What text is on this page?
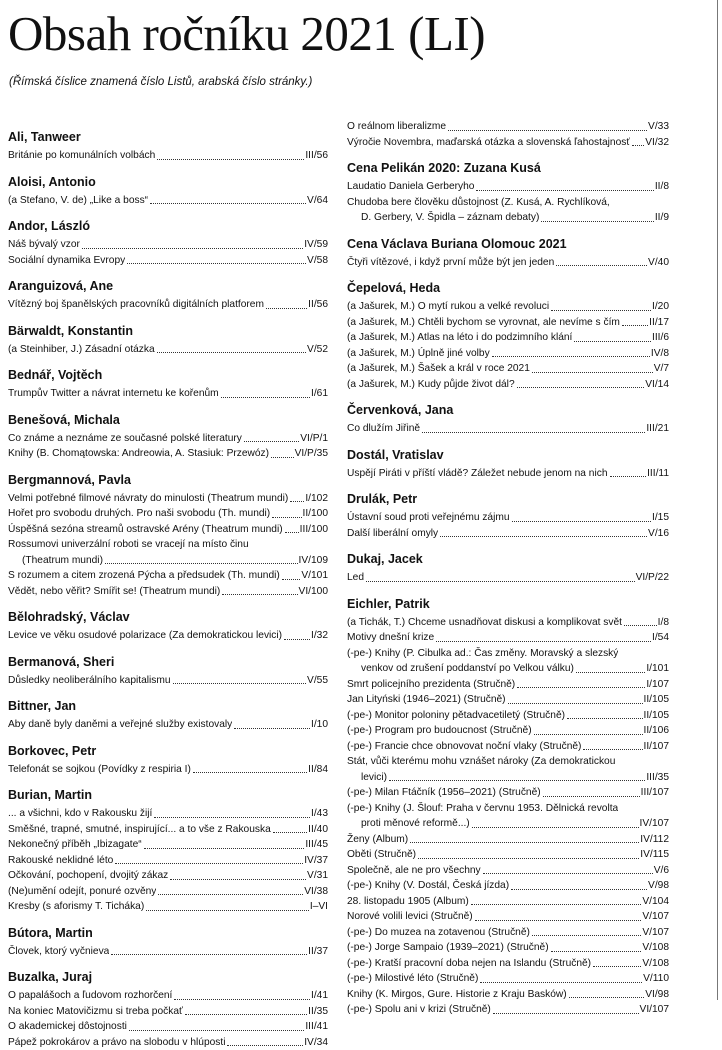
Obsah ročníku 2021 (LI)
(Římská číslice znamená číslo Listů, arabská číslo stránky.)
Ali, Tanweer
Británie po komunálních volbách	III/56
Aloisi, Antonio
(a Stefano, V. de) „Like a boss“	V/64
Andor, László
Náš bývalý vzor	IV/59
Sociální dynamika Evropy	V/58
Aranguizová, Ane
Vítězný boj španělských pracovníků digitálních platforem	II/56
Bärwaldt, Konstantin
(a Steinhiber, J.) Zásadní otázka	V/52
Bednář, Vojtěch
Trumpův Twitter a návrat internetu ke kořenům	I/61
Benešová, Michala
Co známe a neznáme ze současné polské literatury	VI/P/1
Knihy (B. Chomątowska: Andreowia, A. Stasiuk: Przewóz)	VI/P/35
Bergmannová, Pavla
Velmi potřebné filmové návraty do minulosti (Theatrum mundi) I/102
Hořet pro svobodu druhých. Pro naši svobodu (Th. mundi)	II/100
Úspěšná sezóna streamů ostravské Arény (Theatrum mundi) III/100
Rossumovi univerzální roboti se vracejí na místo činu
(Theatrum mundi)	IV/109
S rozumem a citem zrozená Pýcha a předsudek (Th. mundi) V/101
Vědět, nebo věřit? Smířit se! (Theatrum mundi)	VI/100
Bělohradský, Václav
Levice ve věku osudové polarizace (Za demokratickou levici)	I/32
Bermanová, Sheri
Důsledky neoliberálního kapitalismu	V/55
Bittner, Jan
Aby daně byly daněmi a veřejné služby existovaly	I/10
Borkovec, Petr
Telefonát se sojkou (Povídky z respiria I)	II/84
Burian, Martin
... a všichni, kdo v Rakousku žijí	I/43
Směšné, trapné, smutné, inspirující... a to vše z Rakouska	II/40
Nekonečný příběh „Ibizagate“	III/45
Rakouské neklidné léto	IV/37
Očkování, pochopení, dvojitý zákaz	V/31
(Ne)umění odejít, ponuré ozvěny	VI/38
Kresby (s aforismy T. Ticháka)	I–VI
Bútora, Martin
Človek, ktorý vyčnieva	II/37
Buzalka, Juraj
O papalášoch a ľudovom rozhorčení	I/41
Na koniec Matovičizmu si treba počkať	II/35
O akademickej dôstojnosti	III/41
Pápež pokrokárov a právo na slobodu v hlúposti	IV/34
O reálnom liberalizme	V/33
Výročie Novembra, maďarská otázka a slovenská ľahostajnosť VI/32
Cena Pelikán 2020: Zuzana Kusá
Laudatio Daniela Gerberyho	II/8
Chudoba bere člověku důstojnost (Z. Kusá, A. Rychlíková,
D. Gerbery, V. Špidla – záznam debaty)	II/9
Cena Václava Buriana Olomouc 2021
Čtyři vítězové, i když první může být jen jeden	V/40
Čepelová, Heda
(a Jašurek, M.) O mytí rukou a velké revoluci	I/20
(a Jašurek, M.) Chtěli bychom se vyrovnat, ale nevíme s čím	II/17
(a Jašurek, M.) Atlas na léto i do podzimního klání	III/6
(a Jašurek, M.) Úplně jiné volby	IV/8
(a Jašurek, M.) Šašek a král v roce 2021	V/7
(a Jašurek, M.) Kudy půjde život dál?	VI/14
Červenková, Jana
Co dlužím Jiřině	III/21
Dostál, Vratislav
Uspějí Piráti v příští vládě? Záležet nebude jenom na nich	III/11
Drulák, Petr
Ústavní soud proti veřejnému zájmu	I/15
Další liberální omyly	V/16
Dukaj, Jacek
Led	VI/P/22
Eichler, Patrik
(a Tichák, T.) Chceme usnadňovat diskusi a komplikovat svět	I/8
Motivy dnešní krize	I/54
(-pe-) Knihy (P. Cibulka ad.: Čas změny. Moravský a slezský
venkov od zrušení poddanství po Velkou válku)	I/101
Smrt policejního prezidenta (Stručně)	I/107
Jan Lityński (1946–2021) (Stručně)	II/105
(-pe-) Monitor poloniny pětadvacetiletý (Stručně)	II/105
(-pe-) Program pro budoucnost (Stručně)	II/106
(-pe-) Francie chce obnovovat noční vlaky (Stručně)	II/107
Stát, vůči kterému mohu vznášet nároky (Za demokratickou
levici)	III/35
(-pe-) Milan Ftáčník (1956–2021) (Stručně)	III/107
(-pe-) Knihy (J. Šlouf: Praha v červnu 1953. Dělnická revolta
proti měnové reformě...)	IV/107
Ženy (Album)	IV/112
Oběti (Stručně)	IV/115
Společně, ale ne pro všechny	V/6
(-pe-) Knihy (V. Dostál, Česká jízda)	V/98
28. listopadu 1905 (Album)	V/104
Norové volili levici (Stručně)	V/107
(-pe-) Do muzea na zotavenou (Stručně)	V/107
(-pe-) Jorge Sampaio (1939–2021) (Stručně)	V/108
(-pe-) Kratší pracovní doba nejen na Islandu (Stručně)	V/108
(-pe-) Milostivé léto (Stručně)	V/110
Knihy (K. Mirgos, Gure. Historie z Kraju Basków)	VI/98
(-pe-) Spolu ani v krizi (Stručně)	VI/107
